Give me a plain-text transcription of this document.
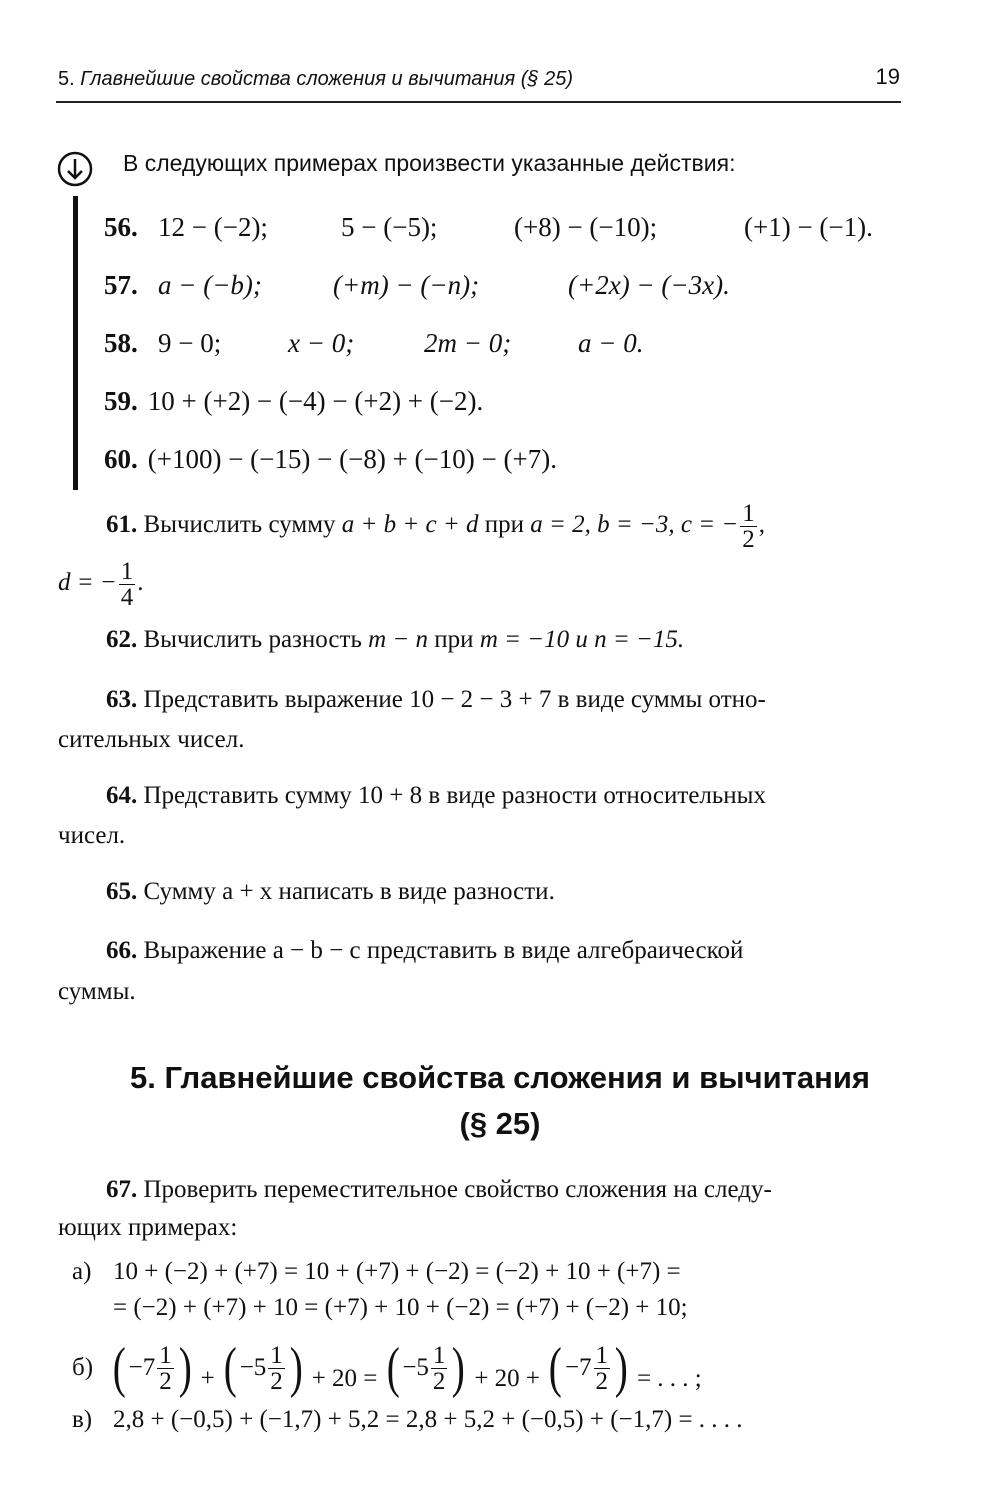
5. Главнейшие свойства сложения и вычитания (§ 25)	19
В следующих примерах произвести указанные действия:
56. 12 − (−2);	5 − (−5);	(+8) − (−10);	(+1) − (−1).
57. a − (−b);	(+m) − (−n);	(+2x) − (−3x).
58. 9 − 0; x − 0;	2m − 0; a − 0.
59. 10 + (+2) − (−4) − (+2) + (−2).
60. (+100) − (−15) − (−8) + (−10) − (+7).
61. Вычислить сумму a + b + c + d при a = 2, b = −3, c = − $\frac{1}{2}$ ,
d = − $\frac{1}{4}$ .
62. Вычислить разность m − n при m = −10 и n = −15.
63. Представить выражение 10 − 2 − 3 + 7 в виде суммы отно-
сительных чисел.
64. Представить сумму 10 + 8 в виде разности относительных
чисел.
65. Сумму a + x написать в виде разности.
66. Выражение a − b − c представить в виде алгебраической
суммы.
5. Главнейшие свойства сложения и вычитания
(§ 25)
67. Проверить переместительное свойство сложения на следу-
ющих примерах:
а) 10 + (−2) + (+7) = 10 + (+7) + (−2) = (−2) + 10 + (+7) =
= (−2) + (+7) + 10 = (+7) + 10 + (−2) = (+7) + (−2) + 10;
б) ( $-7 \frac{1}{2}$ ) + ( $-5 \frac{1}{2}$ ) + 20 = ( $-5 \frac{1}{2}$ ) + 20 + ( $-7 \frac{1}{2}$ ) = . . . ;
в) 2,8 + (−0,5) + (−1,7) + 5,2 = 2,8 + 5,2 + (−0,5) + (−1,7) = . . . .
